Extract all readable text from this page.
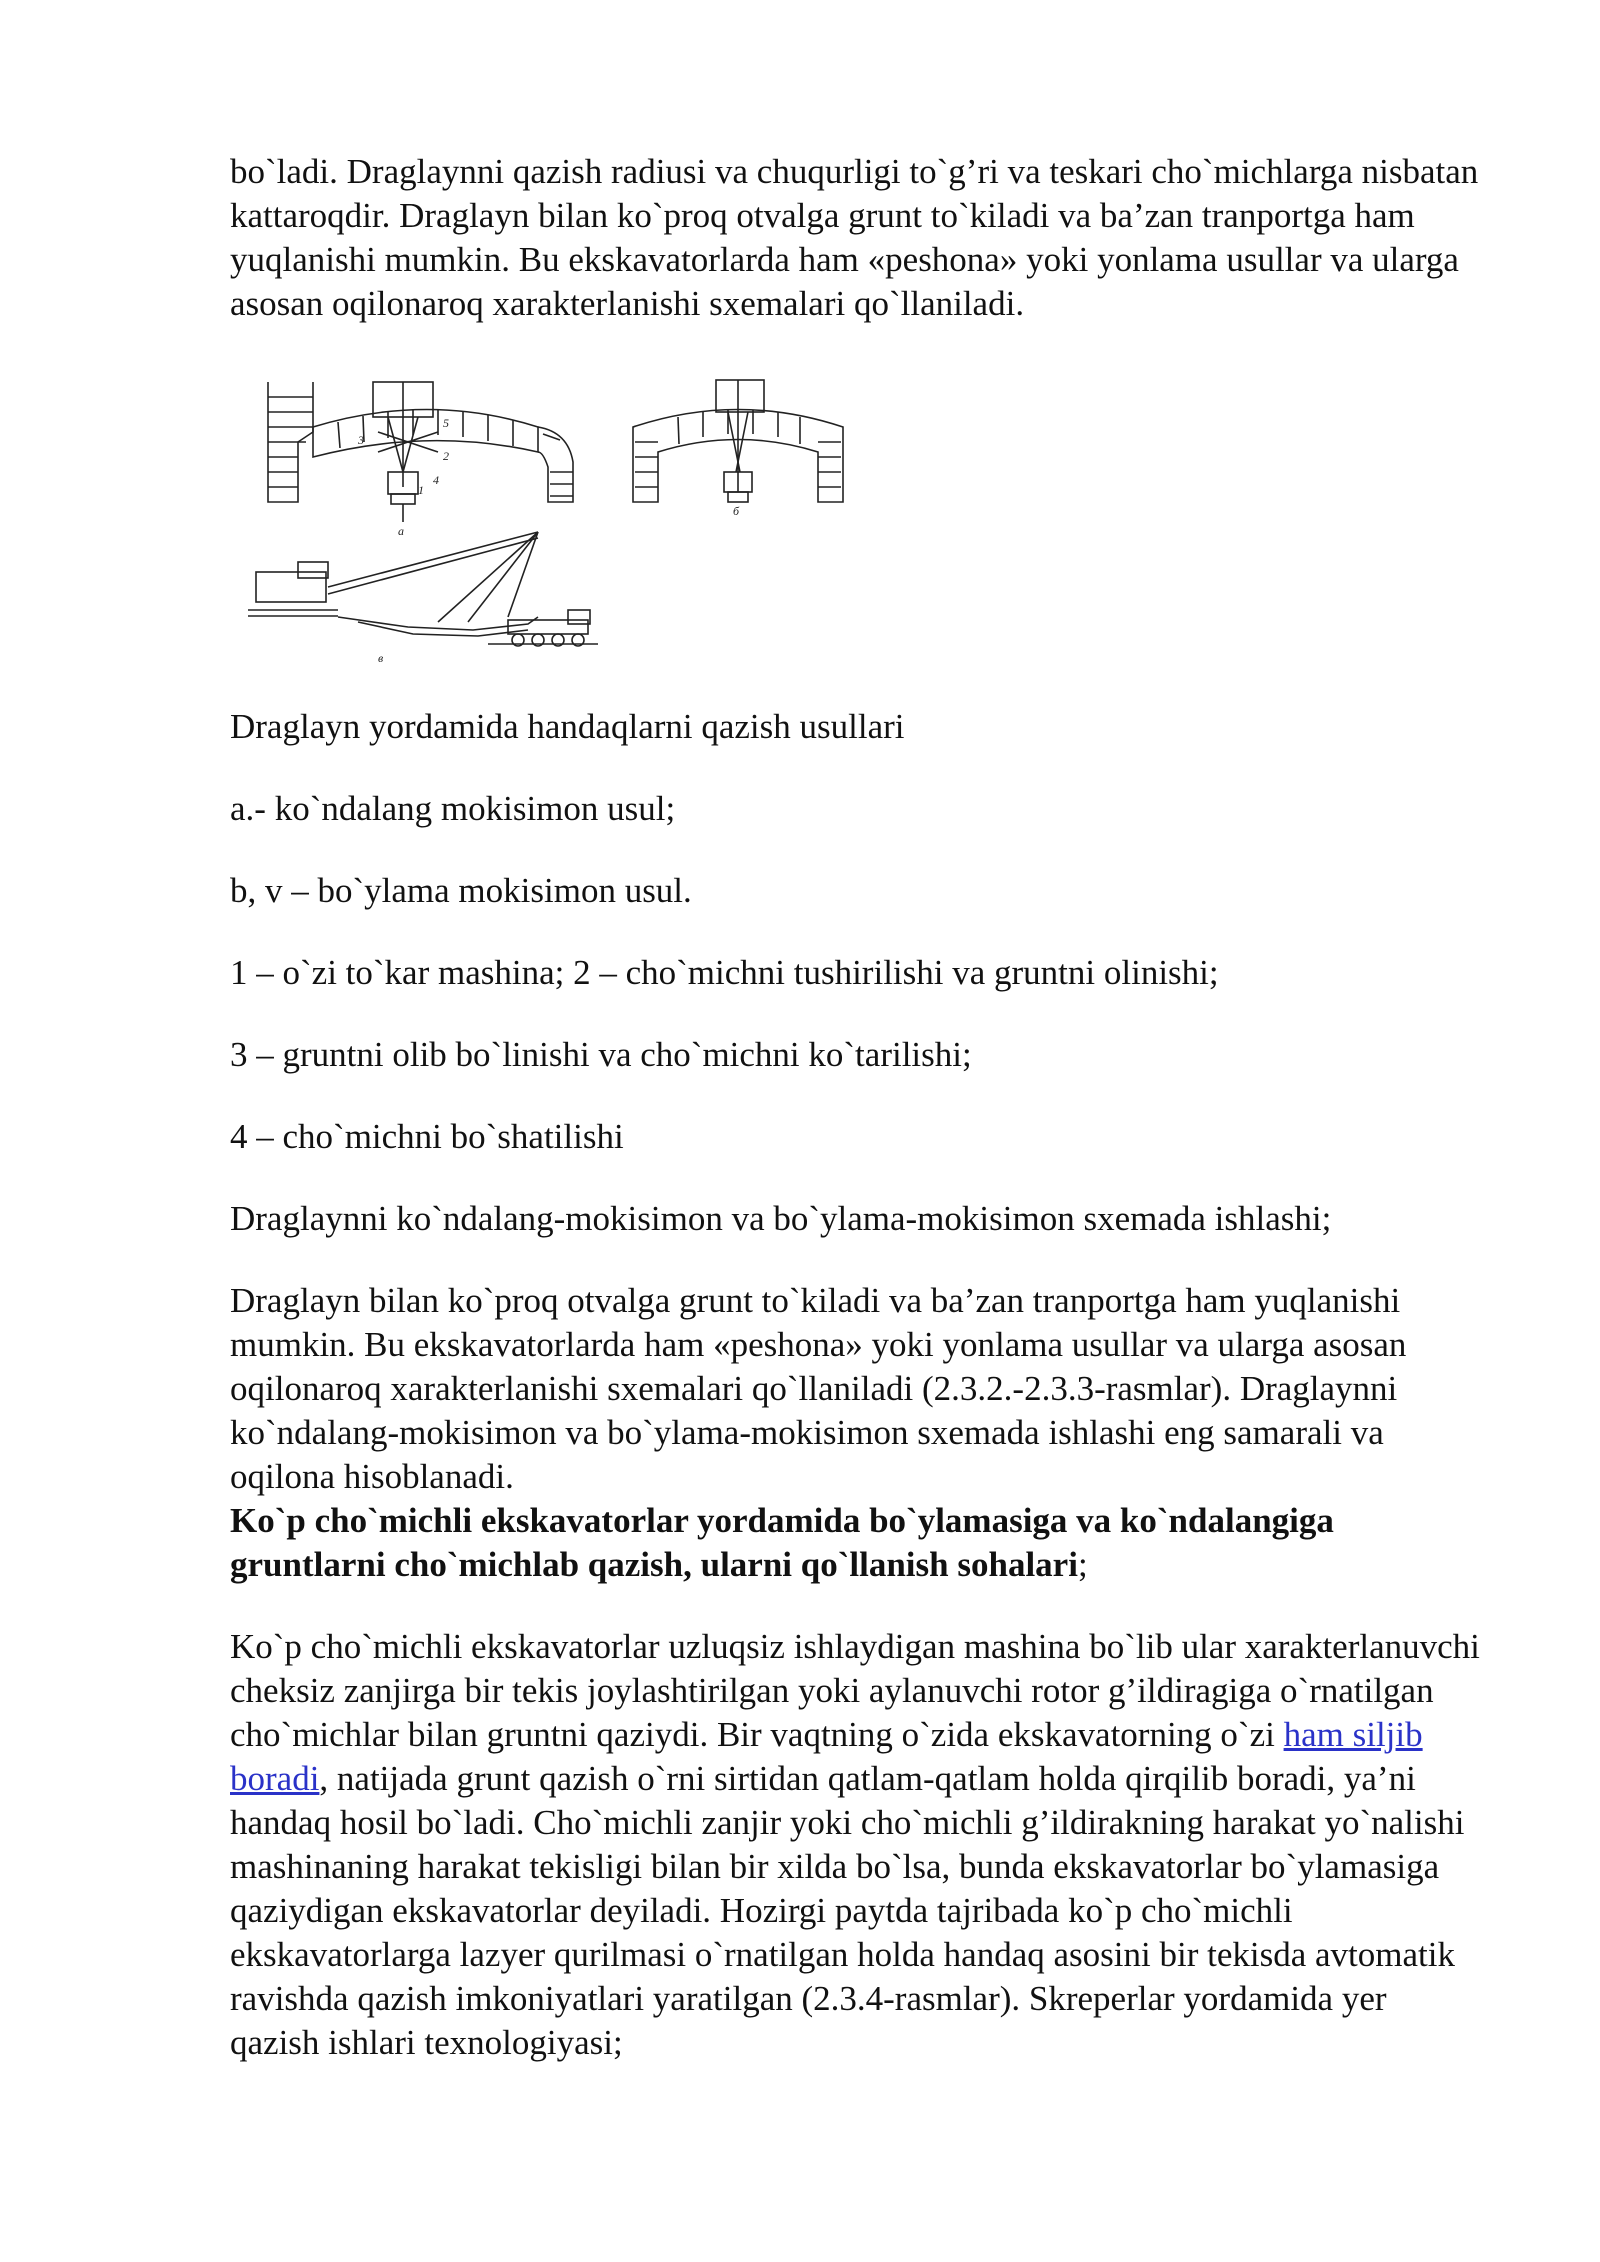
bo`ladi. Draglaynni qazish radiusi va chuqurligi to`g’ri va teskari cho`michlarga nisbatan kattaroqdir. Draglayn bilan ko`proq otvalga grunt to`kiladi va ba’zan tranportga ham yuqlanishi mumkin. Bu ekskavatorlarda ham «peshona» yoki yonlama usullar va ularga asosan oqilonaroq xarakterlanishi sxemalari qo`llaniladi.

a
б
в
1
2
3
4
5

Draglayn yordamida handaqlarni qazish usullari

a.- ko`ndalang mokisimon usul;

b, v – bo`ylama mokisimon usul.

1 – o`zi to`kar mashina; 2 – cho`michni tushirilishi va gruntni olinishi;

3 – gruntni olib bo`linishi va cho`michni ko`tarilishi;

4 – cho`michni bo`shatilishi

Draglaynni ko`ndalang-mokisimon va bo`ylama-mokisimon sxemada ishlashi;

Draglayn bilan ko`proq otvalga grunt to`kiladi va ba’zan tranportga ham yuqlanishi mumkin. Bu ekskavatorlarda ham «peshona» yoki yonlama usullar va ularga asosan oqilonaroq xarakterlanishi sxemalari qo`llaniladi (2.3.2.-2.3.3-rasmlar). Draglaynni ko`ndalang-mokisimon va bo`ylama-mokisimon sxemada ishlashi eng samarali va oqilona hisoblanadi.

Ko`p cho`michli ekskavatorlar yordamida bo`ylamasiga va ko`ndalangiga gruntlarni cho`michlab qazish, ularni qo`llanish sohalari;

Ko`p cho`michli ekskavatorlar uzluqsiz ishlaydigan mashina bo`lib ular xarakterlanuvchi cheksiz zanjirga bir tekis joylashtirilgan yoki aylanuvchi rotor g’ildiragiga o`rnatilgan cho`michlar bilan gruntni qaziydi. Bir vaqtning o`zida ekskavatorning o`zi ham siljib boradi, natijada grunt qazish o`rni sirtidan qatlam-qatlam holda qirqilib boradi, ya’ni handaq hosil bo`ladi. Cho`michli zanjir yoki cho`michli g’ildirakning harakat yo`nalishi mashinaning harakat tekisligi bilan bir xilda bo`lsa, bunda ekskavatorlar bo`ylamasiga qaziydigan ekskavatorlar deyiladi. Hozirgi paytda tajribada ko`p cho`michli ekskavatorlarga lazyer qurilmasi o`rnatilgan holda handaq asosini bir tekisda avtomatik ravishda qazish imkoniyatlari yaratilgan (2.3.4-rasmlar). Skreperlar yordamida yer qazish ishlari texnologiyasi;
